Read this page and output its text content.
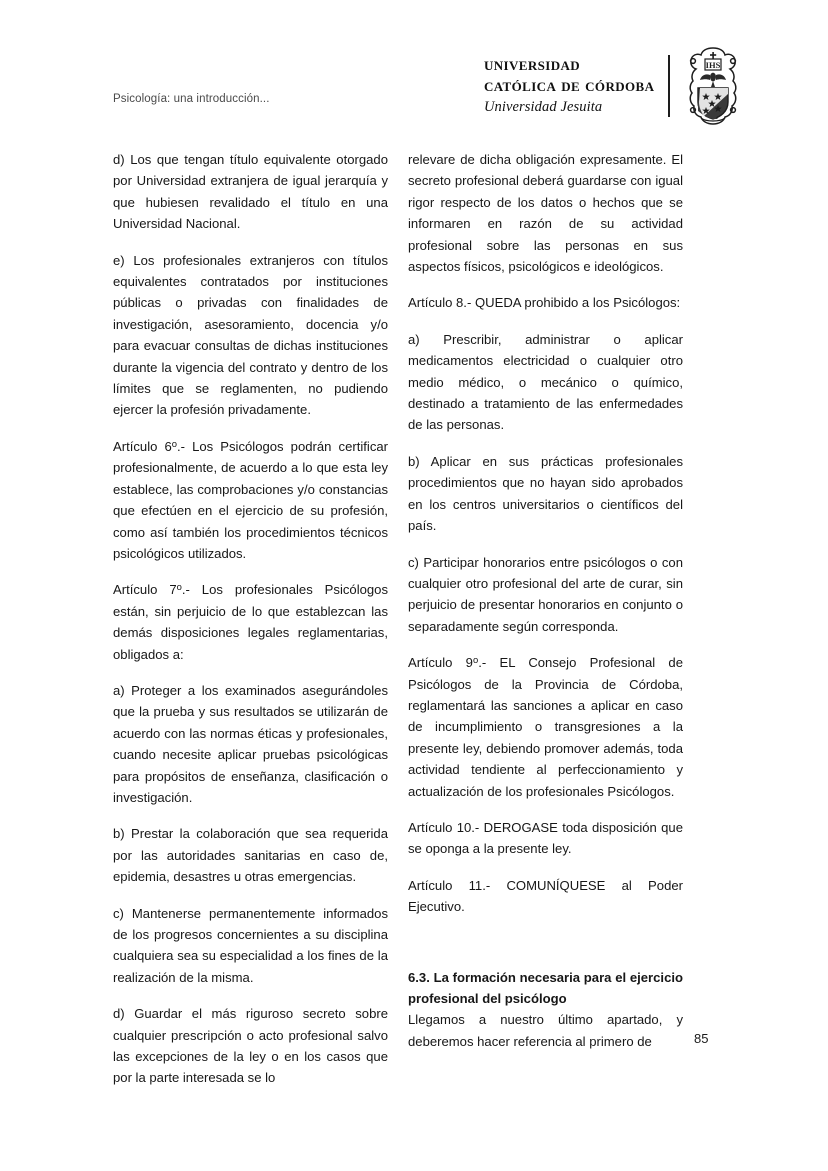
Psicología: una introducción...
universidad
católica de córdoba
Universidad Jesuita
IHS

d) Los que tengan título equivalente otorgado por Universidad extranjera de igual jerarquía y que hubiesen revalidado el título en una Universidad Nacional.

e) Los profesionales extranjeros con títulos equivalentes contratados por instituciones públicas o privadas con finalidades de investigación, asesoramiento, docencia y/o para evacuar consultas de dichas instituciones durante la vigencia del contrato y dentro de los límites que se reglamenten, no pudiendo ejercer la profesión privadamente.

Artículo 6$^o$.- Los Psicólogos podrán certificar profesionalmente, de acuerdo a lo que esta ley establece, las comprobaciones y/o constancias que efectúen en el ejercicio de su profesión, como así también los procedimientos técnicos psicológicos utilizados.

Artículo 7$^o$.- Los profesionales Psicólogos están, sin perjuicio de lo que establezcan las demás disposiciones legales reglamentarias, obligados a:

a) Proteger a los examinados asegurándoles que la prueba y sus resultados se utilizarán de acuerdo con las normas éticas y profesionales, cuando necesite aplicar pruebas psicológicas para propósitos de enseñanza, clasificación o investigación.

b) Prestar la colaboración que sea requerida por las autoridades sanitarias en caso de, epidemia, desastres u otras emergencias.

c) Mantenerse permanentemente informados de los progresos concernientes a su disciplina cualquiera sea su especialidad a los fines de la realización de la misma.

d) Guardar el más riguroso secreto sobre cualquier prescripción o acto profesional salvo las excepciones de la ley o en los casos que por la parte interesada se lo

relevare de dicha obligación expresamente. El secreto profesional deberá guardarse con igual rigor respecto de los datos o hechos que se informaren en razón de su actividad profesional sobre las personas en sus aspectos físicos, psicológicos e ideológicos.

Artículo 8.- QUEDA prohibido a los Psicólogos:

a) Prescribir, administrar o aplicar medicamentos electricidad o cualquier otro medio médico, o mecánico o químico, destinado a tratamiento de las enfermedades de las personas.

b) Aplicar en sus prácticas profesionales procedimientos que no hayan sido aprobados en los centros universitarios o científicos del país.

c) Participar honorarios entre psicólogos o con cualquier otro profesional del arte de curar, sin perjuicio de presentar honorarios en conjunto o separadamente según corresponda.

Artículo 9$^o$.- EL Consejo Profesional de Psicólogos de la Provincia de Córdoba, reglamentará las sanciones a aplicar en caso de incumplimiento o transgresiones a la presente ley, debiendo promover además, toda actividad tendiente al perfeccionamiento y actualización de los profesionales Psicólogos.

Artículo 10.- DEROGASE toda disposición que se oponga a la presente ley.

Artículo 11.- COMUNÍQUESE al Poder Ejecutivo.

6.3. La formación necesaria para el ejercicio profesional del psicólogo

Llegamos a nuestro último apartado, y deberemos hacer referencia al primero de	85
